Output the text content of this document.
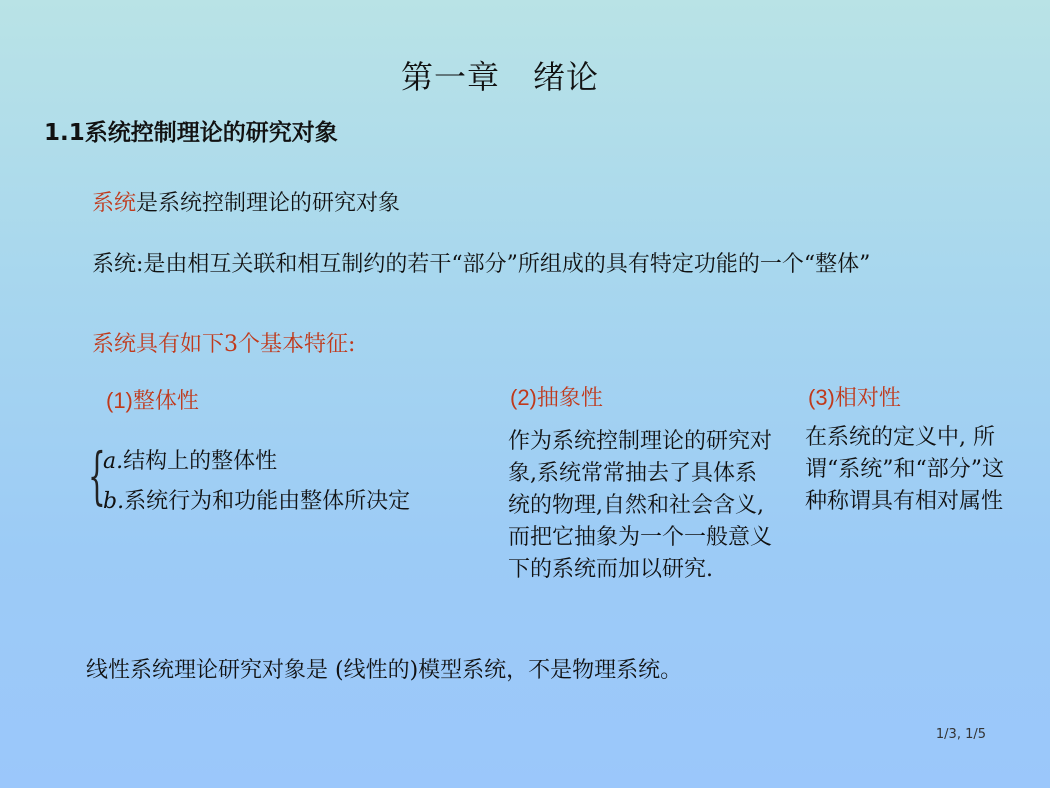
第一章　绪论
1.1系统控制理论的研究对象
系统是系统控制理论的研究对象
系统:是由相互关联和相互制约的若干“部分”所组成的具有特定功能的一个“整体”
系统具有如下3个基本特征:
(1)整体性	(2)抽象性	(3)相对性
{
a.结构上的整体性
b.系统行为和功能由整体所决定
作为系统控制理论的研究对象,系统常常抽去了具体系统的物理,自然和社会含义,而把它抽象为一个一般意义下的系统而加以研究.
在系统的定义中, 所谓“系统”和“部分”这种称谓具有相对属性
线性系统理论研究对象是 (线性的)模型系统，不是物理系统。
1/3, 1/5
